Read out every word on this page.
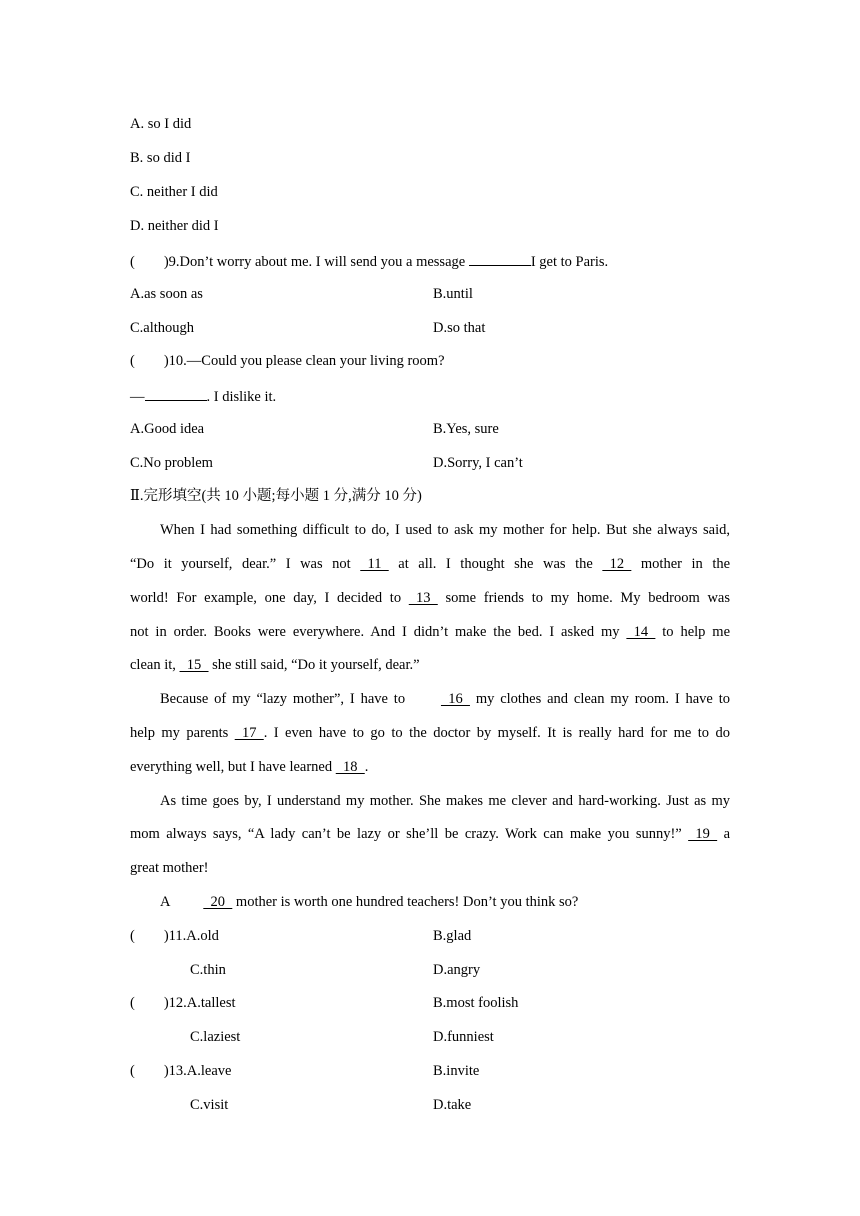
A. so I did
B. so did I
C. neither I did
D. neither did I
(　　)9.Don’t worry about me. I will send you a message	I get to Paris.
A.as soon as	B.until
C.although	D.so that
(　　)10.—Could you please clean your living room?
—	. I dislike it.
A.Good idea	B.Yes, sure
C.No problem	D.Sorry, I can’t
Ⅱ.完形填空(共 10 小题;每小题 1 分,满分 10 分)
When I had something difficult to do, I used to ask my mother for help. But she always said,
“Do it yourself, dear.” I was not   11   at all. I thought she was the   12   mother in the
world! For example, one day, I decided to   13   some friends to my home. My bedroom was
not in order. Books were everywhere. And I didn’t make the bed. I asked my   14   to help me
clean it,   15   she still said, “Do it yourself, dear.”
Because of my “lazy mother”, I have to   16   my clothes and clean my room. I have to
help my parents   17  . I even have to go to the doctor by myself. It is really hard for me to do
everything well, but I have learned   18  .
As time goes by, I understand my mother. She makes me clever and hard-working. Just as my
mom always says, “A lady can’t be lazy or she’ll be crazy. Work can make you sunny!”   19   a
great mother!
A   20   mother is worth one hundred teachers! Don’t you think so?
(　　)11.A.old	B.glad
C.thin	D.angry
(　　)12.A.tallest	B.most foolish
C.laziest	D.funniest
(　　)13.A.leave	B.invite
C.visit	D.take
